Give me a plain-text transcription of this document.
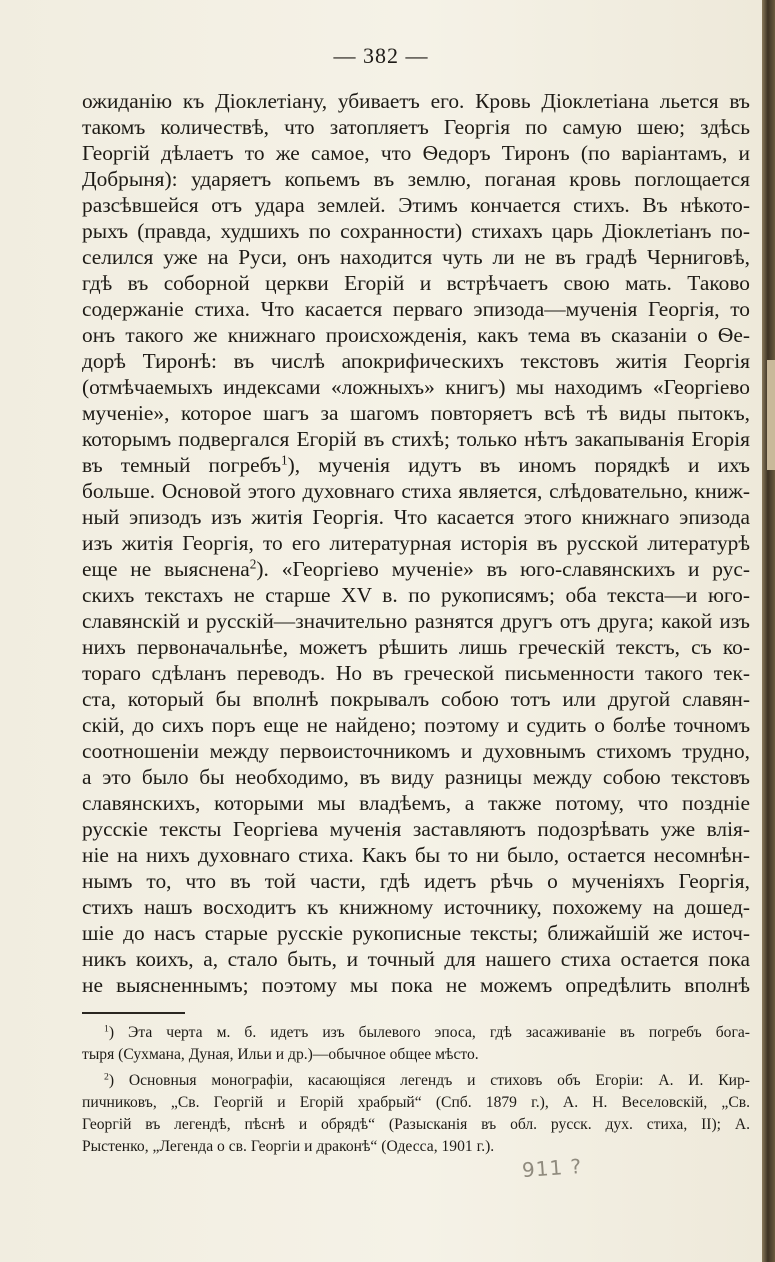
— 382 —
ожиданію къ Діоклетіану, убиваетъ его. Кровь Діоклетіана льется въ
такомъ количествѣ, что затопляетъ Георгія по самую шею; здѣсь
Георгій дѣлаетъ то же самое, что Ѳедоръ Тиронъ (по варіантамъ, и
Добрыня): ударяетъ копьемъ въ землю, поганая кровь поглощается
разсѣвшейся отъ удара землей. Этимъ кончается стихъ. Въ нѣкото-
рыхъ (правда, худшихъ по сохранности) стихахъ царь Діоклетіанъ по-
селился уже на Руси, онъ находится чуть ли не въ градѣ Черниговѣ,
гдѣ въ соборной церкви Егорій и встрѣчаетъ свою мать. Таково
содержаніе стиха. Что касается перваго эпизода—мученія Георгія, то
онъ такого же книжнаго происхожденія, какъ тема въ сказаніи о Ѳе-
дорѣ Тиронѣ: въ числѣ апокрифическихъ текстовъ житія Георгія
(отмѣчаемыхъ индексами «ложныхъ» книгъ) мы находимъ «Георгіево
мученіе», которое шагъ за шагомъ повторяетъ всѣ тѣ виды пытокъ,
которымъ подвергался Егорій въ стихѣ; только нѣтъ закапыванія Егорія
въ темный погребъ$^1$), мученія идутъ въ иномъ порядкѣ и ихъ
больше. Основой этого духовнаго стиха является, слѣдовательно, книж-
ный эпизодъ изъ житія Георгія. Что касается этого книжнаго эпизода
изъ житія Георгія, то его литературная исторія въ русской литературѣ
еще не выяснена$^2$). «Георгіево мученіе» въ юго-славянскихъ и рус-
скихъ текстахъ не старше XV в. по рукописямъ; оба текста—и юго-
славянскій и русскій—значительно разнятся другъ отъ друга; какой изъ
нихъ первоначальнѣе, можетъ рѣшить лишь греческій текстъ, съ ко-
тораго сдѣланъ переводъ. Но въ греческой письменности такого тек-
ста, который бы вполнѣ покрывалъ собою тотъ или другой славян-
скій, до сихъ поръ еще не найдено; поэтому и судить о болѣе точномъ
соотношеніи между первоисточникомъ и духовнымъ стихомъ трудно,
а это было бы необходимо, въ виду разницы между собою текстовъ
славянскихъ, которыми мы владѣемъ, а также потому, что поздніе
русскіе тексты Георгіева мученія заставляютъ подозрѣвать уже влія-
ніе на нихъ духовнаго стиха. Какъ бы то ни было, остается несомнѣн-
нымъ то, что въ той части, гдѣ идетъ рѣчь о мученіяхъ Георгія,
стихъ нашъ восходитъ къ книжному источнику, похожему на дошед-
шіе до насъ старые русскіе рукописные тексты; ближайшій же источ-
никъ коихъ, а, стало быть, и точный для нашего стиха остается пока
не выясненнымъ; поэтому мы пока не можемъ опредѣлить вполнѣ
$^1$) Эта черта м. б. идетъ изъ былевого эпоса, гдѣ засаживаніе въ погребъ бога-
тыря (Сухмана, Дуная, Ильи и др.)—обычное общее мѣсто.
$^2$) Основныя монографіи, касающіяся легендъ и стиховъ объ Егоріи: А. И. Кир-
пичниковъ, „Св. Георгій и Егорій храбрый“ (Спб. 1879 г.), А. Н. Веселовскій, „Св.
Георгій въ легендѣ, пѣснѣ и обрядѣ“ (Разысканія въ обл. русск. дух. стиха, II); А.
Рыстенко, „Легенда о св. Георгіи и драконѣ“ (Одесса, 1901 г.).
911 ?
